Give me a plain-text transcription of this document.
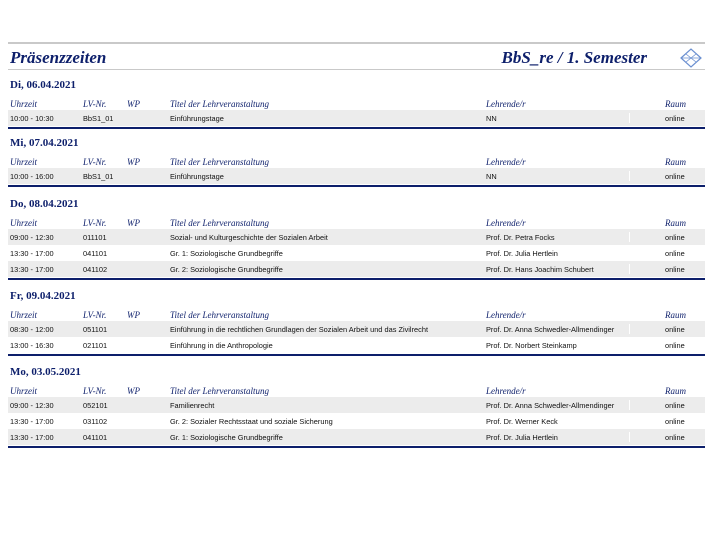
Präsenzzeiten	BbS_re / 1. Semester
Di, 06.04.2021
Uhrzeit	LV-Nr. WP	Titel der Lehrveranstaltung	Lehrende/r	Raum
10:00 - 10:30	BbS1_01	Einführungstage	NN	online
Mi, 07.04.2021
Uhrzeit	LV-Nr. WP	Titel der Lehrveranstaltung	Lehrende/r	Raum
10:00 - 16:00	BbS1_01	Einführungstage	NN	online
Do, 08.04.2021
Uhrzeit	LV-Nr. WP	Titel der Lehrveranstaltung	Lehrende/r	Raum
09:00 - 12:30	011101	Sozial- und Kulturgeschichte der Sozialen Arbeit	Prof. Dr. Petra Focks	online
13:30 - 17:00	041101	Gr. 1: Soziologische Grundbegriffe	Prof. Dr. Julia Hertlein	online
13:30 - 17:00	041102	Gr. 2: Soziologische Grundbegriffe	Prof. Dr. Hans Joachim Schubert	online
Fr, 09.04.2021
Uhrzeit	LV-Nr. WP	Titel der Lehrveranstaltung	Lehrende/r	Raum
08:30 - 12:00	051101	Einführung in die rechtlichen Grundlagen der Sozialen Arbeit und das Zivilrecht	Prof. Dr. Anna Schwedler-Allmendinger	online
13:00 - 16:30	021101	Einführung in die Anthropologie	Prof. Dr. Norbert Steinkamp	online
Mo, 03.05.2021
Uhrzeit	LV-Nr. WP	Titel der Lehrveranstaltung	Lehrende/r	Raum
09:00 - 12:30	052101	Familienrecht	Prof. Dr. Anna Schwedler-Allmendinger	online
13:30 - 17:00	031102	Gr. 2: Sozialer Rechtsstaat und soziale Sicherung	Prof. Dr. Werner Keck	online
13:30 - 17:00	041101	Gr. 1: Soziologische Grundbegriffe	Prof. Dr. Julia Hertlein	online
